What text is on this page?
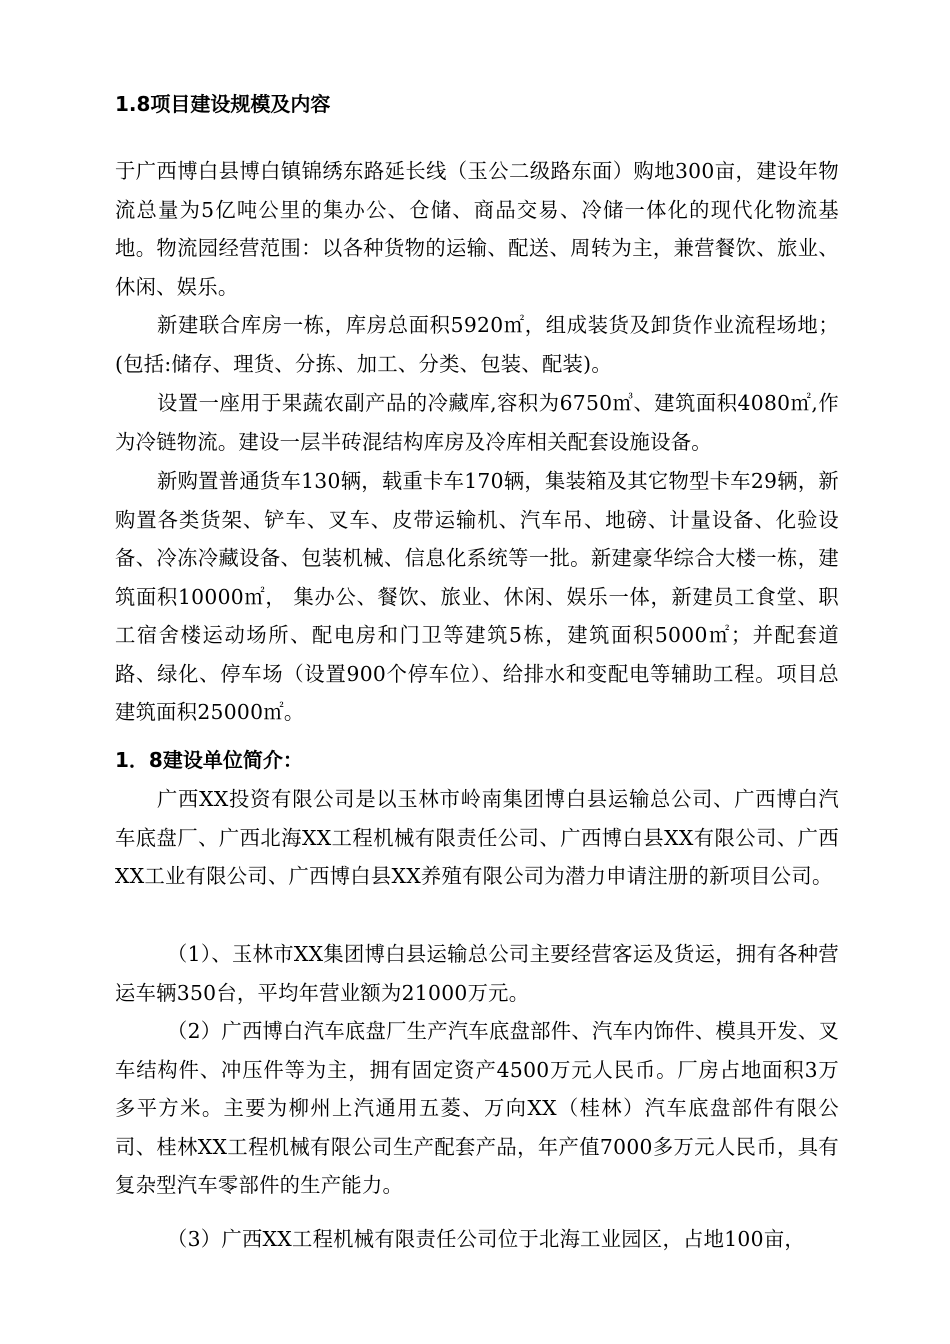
1.8项目建设规模及内容

于广西博白县博白镇锦绣东路延长线（玉公二级路东面）购地300亩，建设年物流总量为5亿吨公里的集办公、仓储、商品交易、冷储一体化的现代化物流基地。物流园经营范围：以各种货物的运输、配送、周转为主，兼营餐饮、旅业、休闲、娱乐。

新建联合库房一栋，库房总面积5920㎡，组成装货及卸货作业流程场地；(包括:储存、理货、分拣、加工、分类、包装、配装)。

设置一座用于果蔬农副产品的冷藏库,容积为6750㎥、建筑面积4080㎡,作为冷链物流。建设一层半砖混结构库房及冷库相关配套设施设备。

新购置普通货车130辆，载重卡车170辆，集装箱及其它物型卡车29辆，新购置各类货架、铲车、叉车、皮带运输机、汽车吊、地磅、计量设备、化验设备、冷冻冷藏设备、包装机械、信息化系统等一批。新建豪华综合大楼一栋，建筑面积10000㎡， 集办公、餐饮、旅业、休闲、娱乐一体，新建员工食堂、职工宿舍楼运动场所、配电房和门卫等建筑5栋，建筑面积5000㎡；并配套道路、绿化、停车场（设置900个停车位）、给排水和变配电等辅助工程。项目总建筑面积25000㎡。

1．8建设单位简介：

广西XX投资有限公司是以玉林市岭南集团博白县运输总公司、广西博白汽车底盘厂、广西北海XX工程机械有限责任公司、广西博白县XX有限公司、广西XX工业有限公司、广西博白县XX养殖有限公司为潜力申请注册的新项目公司。

（1）、玉林市XX集团博白县运输总公司主要经营客运及货运，拥有各种营运车辆350台，平均年营业额为21000万元。

（2）广西博白汽车底盘厂生产汽车底盘部件、汽车内饰件、模具开发、叉车结构件、冲压件等为主，拥有固定资产4500万元人民币。厂房占地面积3万多平方米。主要为柳州上汽通用五菱、万向XX（桂林）汽车底盘部件有限公司、桂林XX工程机械有限公司生产配套产品，年产值7000多万元人民币，具有复杂型汽车零部件的生产能力。

（3）广西XX工程机械有限责任公司位于北海工业园区，占地100亩，
